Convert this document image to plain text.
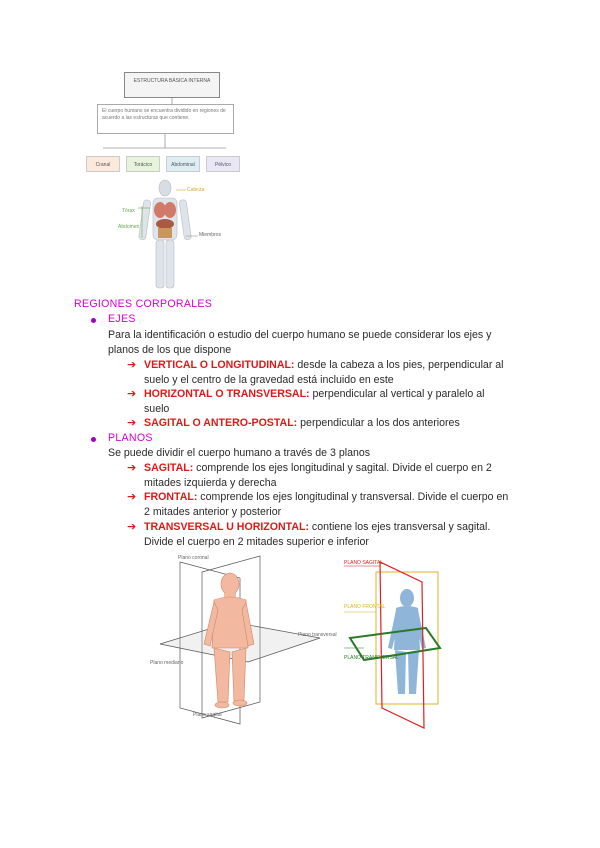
ESTRUCTURA BÁSICA INTERNA
El cuerpo humano se encuentra dividido en regiones de acuerdo a las estructuras que contiene.
Cranal	Torácico	Abdominal	Pélvico
Cabeza
Tórax
Abdomen
Miembros
REGIONES CORPORALES
EJES
Para la identificación o estudio del cuerpo humano se puede considerar los ejes y
planos de los que dispone
➔ VERTICAL O LONGITUDINAL: desde la cabeza a los pies, perpendicular al
suelo y el centro de la gravedad está incluido en este
➔ HORIZONTAL O TRANSVERSAL: perpendicular al vertical y paralelo al
suelo
➔ SAGITAL O ANTERO-POSTAL: perpendicular a los dos anteriores
PLANOS
Se puede dividir el cuerpo humano a través de 3 planos
➔ SAGITAL: comprende los ejes longitudinal y sagital. Divide el cuerpo en 2
mitades izquierda y derecha
➔ FRONTAL: comprende los ejes longitudinal y transversal. Divide el cuerpo en
2 mitades anterior y posterior
➔ TRANSVERSAL U HORIZONTAL: contiene los ejes transversal y sagital.
Divide el cuerpo en 2 mitades superior e inferior
Plano coronal
Plano transversal
Plano mediano
Plano sagital
PLANO SAGITAL
PLANO FRONTAL
PLANO TRANSVERSAL
